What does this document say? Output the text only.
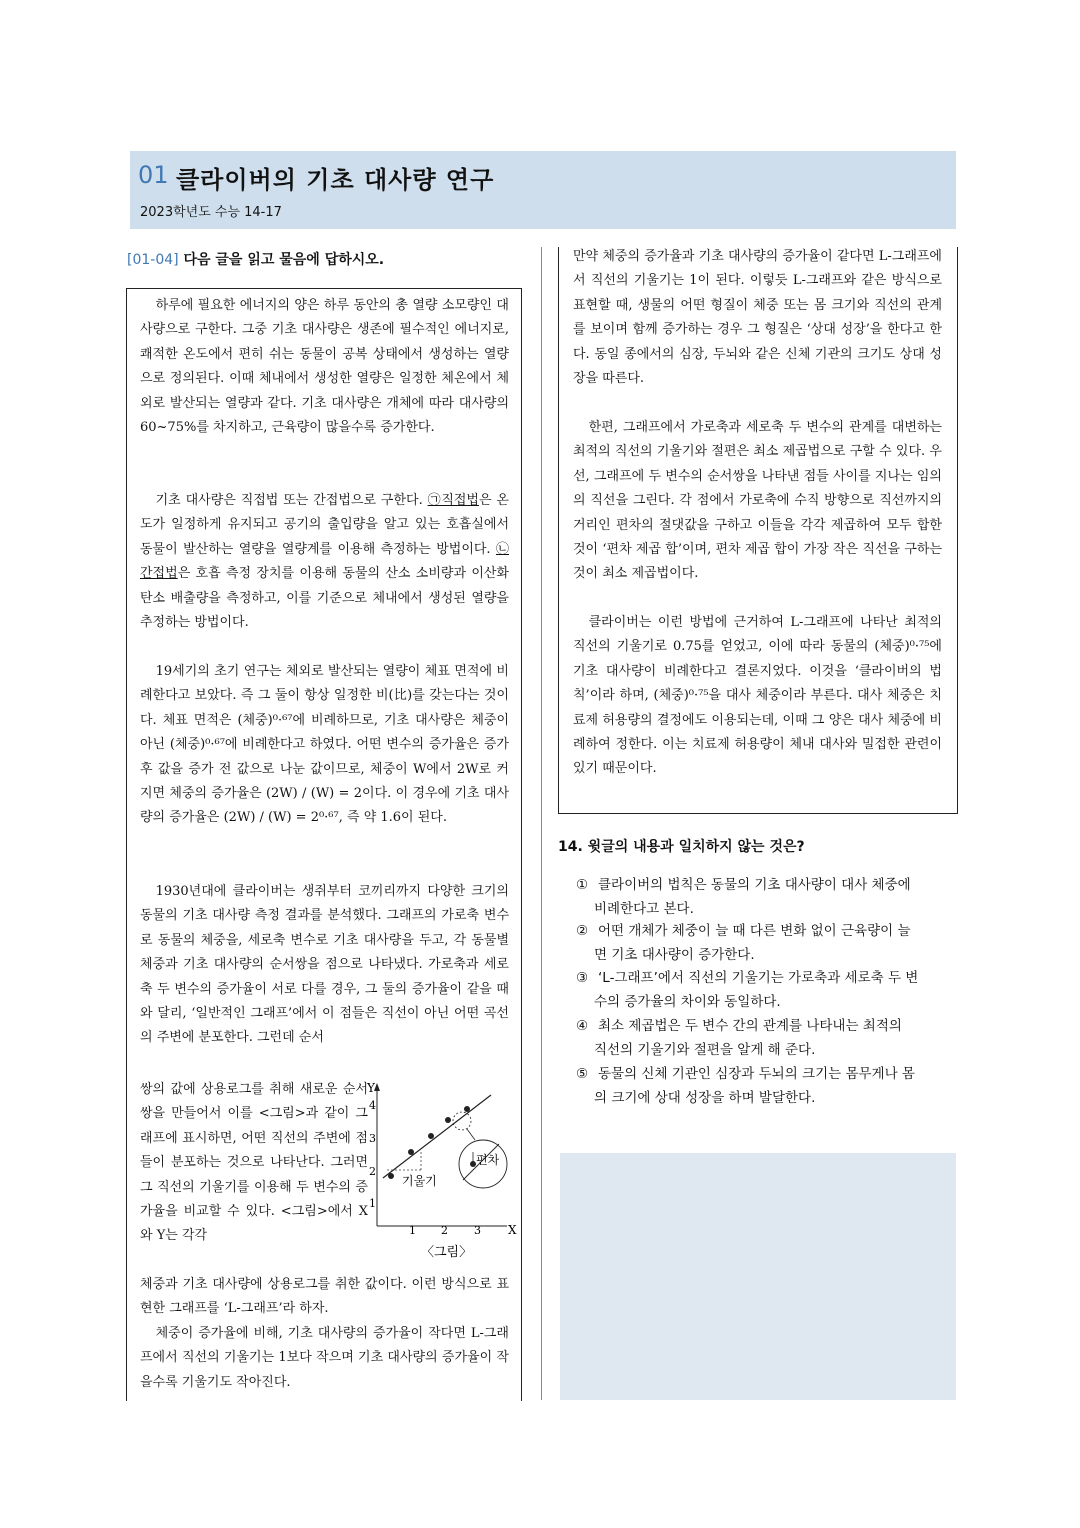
01 클라이버의 기초 대사량 연구
2023학년도 수능 14-17
[01-04] 다음 글을 읽고 물음에 답하시오.

하루에 필요한 에너지의 양은 하루 동안의 총 열량 소모량인 대사량으로 구한다. 그중 기초 대사량은 생존에 필수적인 에너지로, 쾌적한 온도에서 편히 쉬는 동물이 공복 상태에서 생성하는 열량으로 정의된다. 이때 체내에서 생성한 열량은 일정한 체온에서 체외로 발산되는 열량과 같다. 기초 대사량은 개체에 따라 대사량의 60~75%를 차지하고, 근육량이 많을수록 증가한다.

기초 대사량은 직접법 또는 간접법으로 구한다. ㉠직접법은 온도가 일정하게 유지되고 공기의 출입량을 알고 있는 호흡실에서 동물이 발산하는 열량을 열량계를 이용해 측정하는 방법이다. ㉡간접법은 호흡 측정 장치를 이용해 동물의 산소 소비량과 이산화 탄소 배출량을 측정하고, 이를 기준으로 체내에서 생성된 열량을 추정하는 방법이다.

19세기의 초기 연구는 체외로 발산되는 열량이 체표 면적에 비례한다고 보았다. 즉 그 둘이 항상 일정한 비(比)를 갖는다는 것이다. 체표 면적은 (체중)⁰·⁶⁷에 비례하므로, 기초 대사량은 체중이 아닌 (체중)⁰·⁶⁷에 비례한다고 하였다. 어떤 변수의 증가율은 증가 후 값을 증가 전 값으로 나눈 값이므로, 체중이 W에서 2W로 커지면 체중의 증가율은 (2W) / (W) = 2이다. 이 경우에 기초 대사량의 증가율은 (2W) / (W) = 2⁰·⁶⁷, 즉 약 1.6이 된다.

1930년대에 클라이버는 생쥐부터 코끼리까지 다양한 크기의 동물의 기초 대사량 측정 결과를 분석했다. 그래프의 가로축 변수로 동물의 체중을, 세로축 변수로 기초 대사량을 두고, 각 동물별 체중과 기초 대사량의 순서쌍을 점으로 나타냈다. 가로축과 세로축 두 변수의 증가율이 서로 다를 경우, 그 둘의 증가율이 같을 때와 달리, ‘일반적인 그래프’에서 이 점들은 직선이 아닌 어떤 곡선의 주변에 분포한다. 그런데 순서

쌍의 값에 상용로그를 취해 새로운 순서쌍을 만들어서 이를 <그림>과 같이 그래프에 표시하면, 어떤 직선의 주변에 점들이 분포하는 것으로 나타난다. 그러면 그 직선의 기울기를 이용해 두 변수의 증가율을 비교할 수 있다. <그림>에서 X와 Y는 각각

체중과 기초 대사량에 상용로그를 취한 값이다. 이런 방식으로 표현한 그래프를 ‘L-그래프’라 하자.

체중이 증가율에 비해, 기초 대사량의 증가율이 작다면 L-그래프에서 직선의 기울기는 1보다 작으며 기초 대사량의 증가율이 작을수록 기울기도 작아진다.

Y
X
4
3
2
1
1 2 3
편차
기울기
〈그림〉

만약 체중의 증가율과 기초 대사량의 증가율이 같다면 L-그래프에서 직선의 기울기는 1이 된다. 이렇듯 L-그래프와 같은 방식으로 표현할 때, 생물의 어떤 형질이 체중 또는 몸 크기와 직선의 관계를 보이며 함께 증가하는 경우 그 형질은 ‘상대 성장’을 한다고 한다. 동일 종에서의 심장, 두뇌와 같은 신체 기관의 크기도 상대 성장을 따른다.

한편, 그래프에서 가로축과 세로축 두 변수의 관계를 대변하는 최적의 직선의 기울기와 절편은 최소 제곱법으로 구할 수 있다. 우선, 그래프에 두 변수의 순서쌍을 나타낸 점들 사이를 지나는 임의의 직선을 그린다. 각 점에서 가로축에 수직 방향으로 직선까지의 거리인 편차의 절댓값을 구하고 이들을 각각 제곱하여 모두 합한 것이 ‘편차 제곱 합’이며, 편차 제곱 합이 가장 작은 직선을 구하는 것이 최소 제곱법이다.

클라이버는 이런 방법에 근거하여 L-그래프에 나타난 최적의 직선의 기울기로 0.75를 얻었고, 이에 따라 동물의 (체중)⁰·⁷⁵에 기초 대사량이 비례한다고 결론지었다. 이것을 ‘클라이버의 법칙’이라 하며, (체중)⁰·⁷⁵을 대사 체중이라 부른다. 대사 체중은 치료제 허용량의 결정에도 이용되는데, 이때 그 양은 대사 체중에 비례하여 정한다. 이는 치료제 허용량이 체내 대사와 밀접한 관련이 있기 때문이다.

14. 윗글의 내용과 일치하지 않는 것은?
① 클라이버의 법칙은 동물의 기초 대사량이 대사 체중에
비례한다고 본다.
② 어떤 개체가 체중이 늘 때 다른 변화 없이 근육량이 늘
면 기초 대사량이 증가한다.
③ ‘L-그래프’에서 직선의 기울기는 가로축과 세로축 두 변
수의 증가율의 차이와 동일하다.
④ 최소 제곱법은 두 변수 간의 관계를 나타내는 최적의
직선의 기울기와 절편을 알게 해 준다.
⑤ 동물의 신체 기관인 심장과 두뇌의 크기는 몸무게나 몸
의 크기에 상대 성장을 하며 발달한다.
